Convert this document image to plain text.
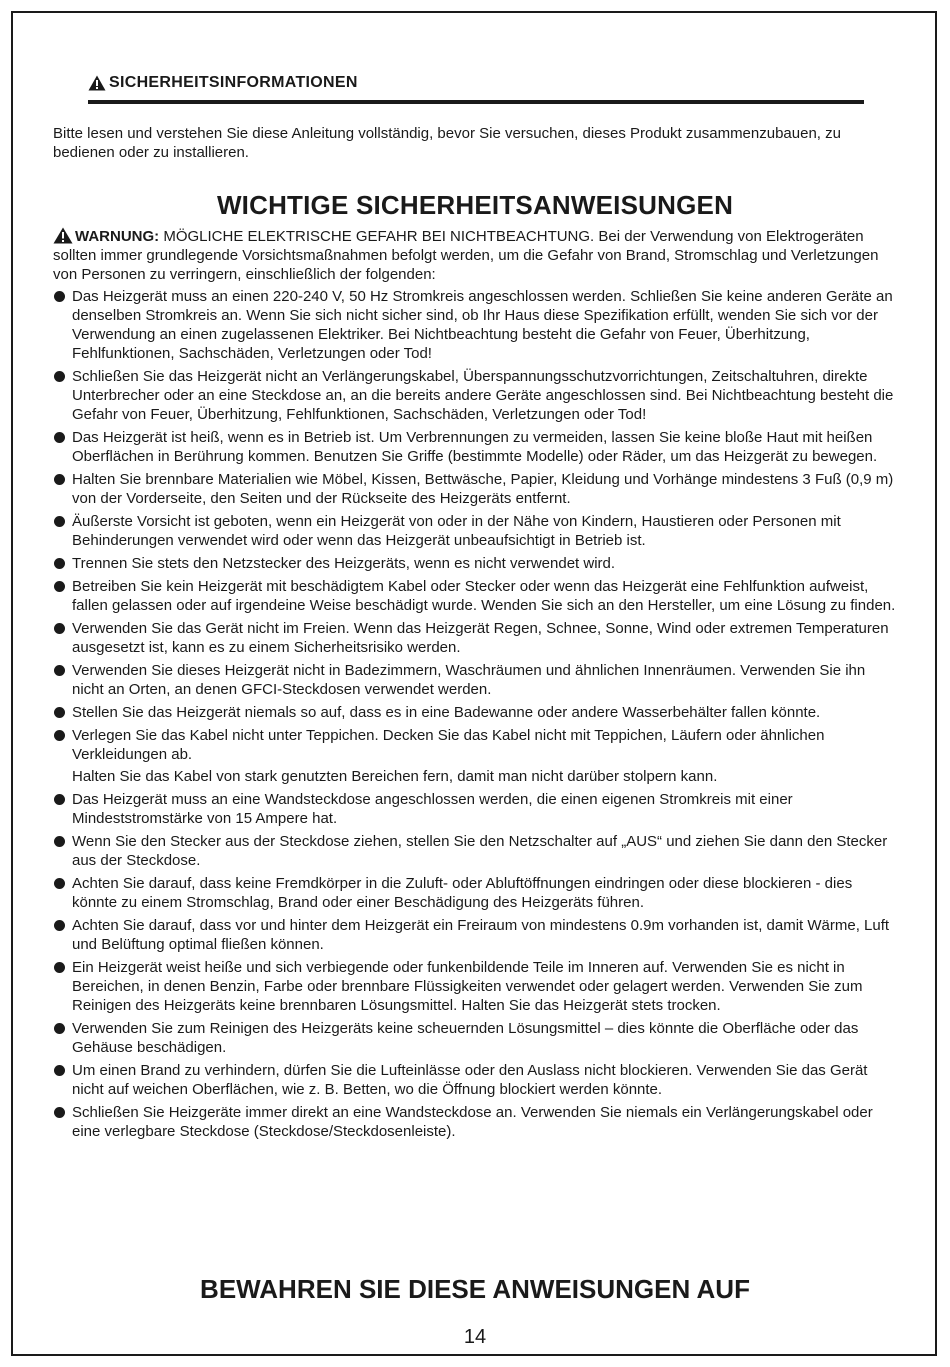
SICHERHEITSINFORMATIONEN
Bitte lesen und verstehen Sie diese Anleitung vollständig, bevor Sie versuchen, dieses Produkt zusammenzubauen, zu bedienen oder zu installieren.
WICHTIGE SICHERHEITSANWEISUNGEN
WARNUNG: MÖGLICHE ELEKTRISCHE GEFAHR BEI NICHTBEACHTUNG. Bei der Verwendung von Elektrogeräten sollten immer grundlegende Vorsichtsmaßnahmen befolgt werden, um die Gefahr von Brand, Stromschlag und Verletzungen von Personen zu verringern, einschließlich der folgenden:
Das Heizgerät muss an einen 220-240 V, 50 Hz Stromkreis angeschlossen werden. Schließen Sie keine anderen Geräte an denselben Stromkreis an. Wenn Sie sich nicht sicher sind, ob Ihr Haus diese Spezifikation erfüllt, wenden Sie sich vor der Verwendung an einen zugelassenen Elektriker. Bei Nichtbeachtung besteht die Gefahr von Feuer, Überhitzung, Fehlfunktionen, Sachschäden, Verletzungen oder Tod!
Schließen Sie das Heizgerät nicht an Verlängerungskabel, Überspannungsschutzvorrichtungen, Zeitschaltuhren, direkte Unterbrecher oder an eine Steckdose an, an die bereits andere Geräte angeschlossen sind. Bei Nichtbeachtung besteht die Gefahr von Feuer, Überhitzung, Fehlfunktionen, Sachschäden, Verletzungen oder Tod!
Das Heizgerät ist heiß, wenn es in Betrieb ist. Um Verbrennungen zu vermeiden, lassen Sie keine bloße Haut mit heißen Oberflächen in Berührung kommen. Benutzen Sie Griffe (bestimmte Modelle) oder Räder, um das Heizgerät zu bewegen.
Halten Sie brennbare Materialien wie Möbel, Kissen, Bettwäsche, Papier, Kleidung und Vorhänge mindestens 3 Fuß (0,9 m) von der Vorderseite, den Seiten und der Rückseite des Heizgeräts entfernt.
Äußerste Vorsicht ist geboten, wenn ein Heizgerät von oder in der Nähe von Kindern, Haustieren oder Personen mit Behinderungen verwendet wird oder wenn das Heizgerät unbeaufsichtigt in Betrieb ist.
Trennen Sie stets den Netzstecker des Heizgeräts, wenn es nicht verwendet wird.
Betreiben Sie kein Heizgerät mit beschädigtem Kabel oder Stecker oder wenn das Heizgerät eine Fehlfunktion aufweist, fallen gelassen oder auf irgendeine Weise beschädigt wurde. Wenden Sie sich an den Hersteller, um eine Lösung zu finden.
Verwenden Sie das Gerät nicht im Freien. Wenn das Heizgerät Regen, Schnee, Sonne, Wind oder extremen Temperaturen ausgesetzt ist, kann es zu einem Sicherheitsrisiko werden.
Verwenden Sie dieses Heizgerät nicht in Badezimmern, Waschräumen und ähnlichen Innenräumen. Verwenden Sie ihn nicht an Orten, an denen GFCI-Steckdosen verwendet werden.
Stellen Sie das Heizgerät niemals so auf, dass es in eine Badewanne oder andere Wasserbehälter fallen könnte.
Verlegen Sie das Kabel nicht unter Teppichen. Decken Sie das Kabel nicht mit Teppichen, Läufern oder ähnlichen Verkleidungen ab.
Halten Sie das Kabel von stark genutzten Bereichen fern, damit man nicht darüber stolpern kann.
Das Heizgerät muss an eine Wandsteckdose angeschlossen werden, die einen eigenen Stromkreis mit einer Mindeststromstärke von 15 Ampere hat.
Wenn Sie den Stecker aus der Steckdose ziehen, stellen Sie den Netzschalter auf „AUS“ und ziehen Sie dann den Stecker aus der Steckdose.
Achten Sie darauf, dass keine Fremdkörper in die Zuluft- oder Abluftöffnungen eindringen oder diese blockieren - dies könnte zu einem Stromschlag, Brand oder einer Beschädigung des Heizgeräts führen.
Achten Sie darauf, dass vor und hinter dem Heizgerät ein Freiraum von mindestens 0.9m vorhanden ist, damit Wärme, Luft und Belüftung optimal fließen können.
Ein Heizgerät weist heiße und sich verbiegende oder funkenbildende Teile im Inneren auf. Verwenden Sie es nicht in Bereichen, in denen Benzin, Farbe oder brennbare Flüssigkeiten verwendet oder gelagert werden. Verwenden Sie zum Reinigen des Heizgeräts keine brennbaren Lösungsmittel. Halten Sie das Heizgerät stets trocken.
Verwenden Sie zum Reinigen des Heizgeräts keine scheuernden Lösungsmittel – dies könnte die Oberfläche oder das Gehäuse beschädigen.
Um einen Brand zu verhindern, dürfen Sie die Lufteinlässe oder den Auslass nicht blockieren. Verwenden Sie das Gerät nicht auf weichen Oberflächen, wie z. B. Betten, wo die Öffnung blockiert werden könnte.
Schließen Sie Heizgeräte immer direkt an eine Wandsteckdose an. Verwenden Sie niemals ein Verlängerungskabel oder eine verlegbare Steckdose (Steckdose/Steckdosenleiste).
BEWAHREN SIE DIESE ANWEISUNGEN AUF
14
